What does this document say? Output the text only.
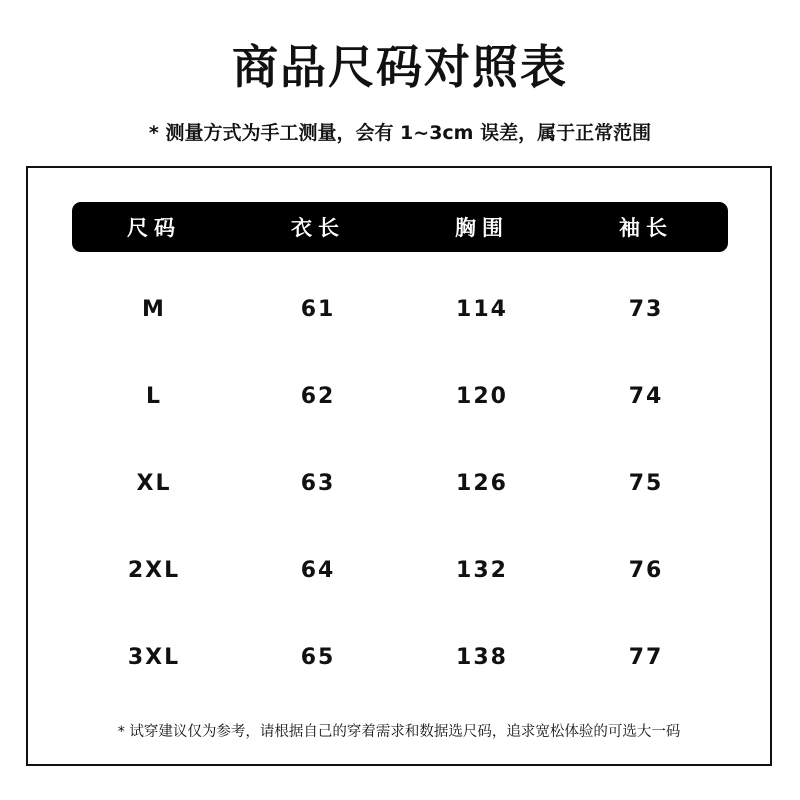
商品尺码对照表
* 测量方式为手工测量，会有 1~3cm 误差，属于正常范围
尺码	衣长	胸围	袖长
M	61	114	73
L	62	120	74
XL	63	126	75
2XL	64	132	76
3XL	65	138	77
* 试穿建议仅为参考，请根据自己的穿着需求和数据选尺码，追求宽松体验的可选大一码
